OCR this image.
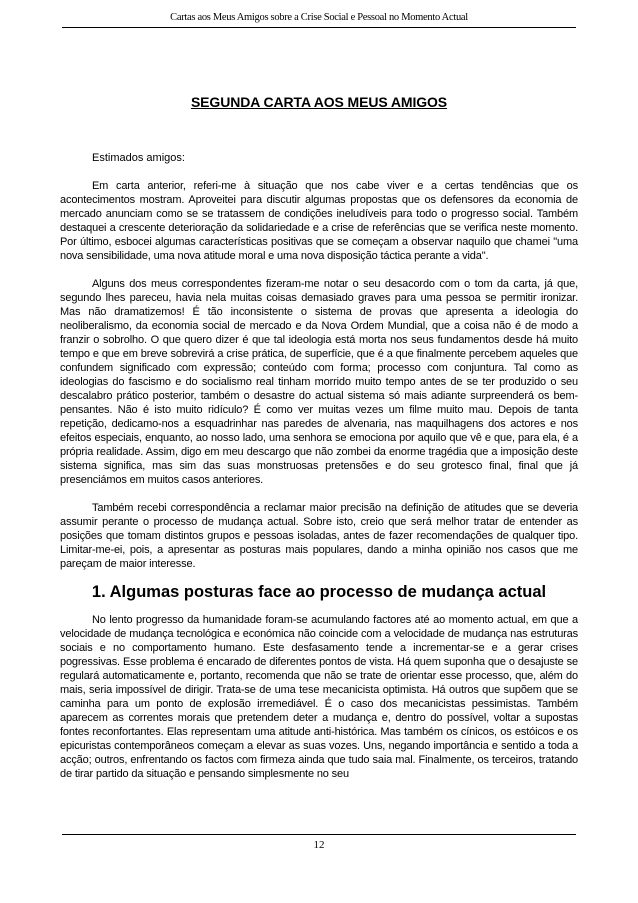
Cartas aos Meus Amigos sobre a Crise Social e Pessoal no Momento Actual
SEGUNDA CARTA AOS MEUS AMIGOS

Estimados amigos:

Em carta anterior, referi-me à situação que nos cabe viver e a certas tendências que os acontecimentos mostram. Aproveitei para discutir algumas propostas que os defensores da economia de mercado anunciam como se se tratassem de condições ineludíveis para todo o progresso social. Também destaquei a crescente deterioração da solidariedade e a crise de referências que se verifica neste momento. Por último, esbocei algumas características positivas que se começam a observar naquilo que chamei "uma nova sensibilidade, uma nova atitude moral e uma nova disposição táctica perante a vida".

Alguns dos meus correspondentes fizeram-me notar o seu desacordo com o tom da carta, já que, segundo lhes pareceu, havia nela muitas coisas demasiado graves para uma pessoa se permitir ironizar. Mas não dramatizemos! É tão inconsistente o sistema de provas que apresenta a ideologia do neoliberalismo, da economia social de mercado e da Nova Ordem Mundial, que a coisa não é de modo a franzir o sobrolho. O que quero dizer é que tal ideologia está morta nos seus fundamentos desde há muito tempo e que em breve sobrevirá a crise prática, de superfície, que é a que finalmente percebem aqueles que confundem significado com expressão; conteúdo com forma; processo com conjuntura. Tal como as ideologias do fascismo e do socialismo real tinham morrido muito tempo antes de se ter produzido o seu descalabro prático posterior, também o desastre do actual sistema só mais adiante surpreenderá os bem-pensantes. Não é isto muito ridículo? É como ver muitas vezes um filme muito mau. Depois de tanta repetição, dedicamo-nos a esquadrinhar nas paredes de alvenaria, nas maquilhagens dos actores e nos efeitos especiais, enquanto, ao nosso lado, uma senhora se emociona por aquilo que vê e que, para ela, é a própria realidade. Assim, digo em meu descargo que não zombei da enorme tragédia que a imposição deste sistema significa, mas sim das suas monstruosas pretensões e do seu grotesco final, final que já presenciámos em muitos casos anteriores.

Também recebi correspondência a reclamar maior precisão na definição de atitudes que se deveria assumir perante o processo de mudança actual. Sobre isto, creio que será melhor tratar de entender as posições que tomam distintos grupos e pessoas isoladas, antes de fazer recomendações de qualquer tipo. Limitar-me-ei, pois, a apresentar as posturas mais populares, dando a minha opinião nos casos que me pareçam de maior interesse.

1. Algumas posturas face ao processo de mudança actual

No lento progresso da humanidade foram-se acumulando factores até ao momento actual, em que a velocidade de mudança tecnológica e económica não coincide com a velocidade de mudança nas estruturas sociais e no comportamento humano. Este desfasamento tende a incrementar-se e a gerar crises pogressivas. Esse problema é encarado de diferentes pontos de vista. Há quem suponha que o desajuste se regulará automaticamente e, portanto, recomenda que não se trate de orientar esse processo, que, além do mais, seria impossível de dirigir. Trata-se de uma tese mecanicista optimista. Há outros que supõem que se caminha para um ponto de explosão irremediável. É o caso dos mecanicistas pessimistas. Também aparecem as correntes morais que pretendem deter a mudança e, dentro do possível, voltar a supostas fontes reconfortantes. Elas representam uma atitude anti-histórica. Mas também os cínicos, os estóicos e os epicuristas contemporâneos começam a elevar as suas vozes. Uns, negando importância e sentido a toda a acção; outros, enfrentando os factos com firmeza ainda que tudo saia mal. Finalmente, os terceiros, tratando de tirar partido da situação e pensando simplesmente no seu

12
